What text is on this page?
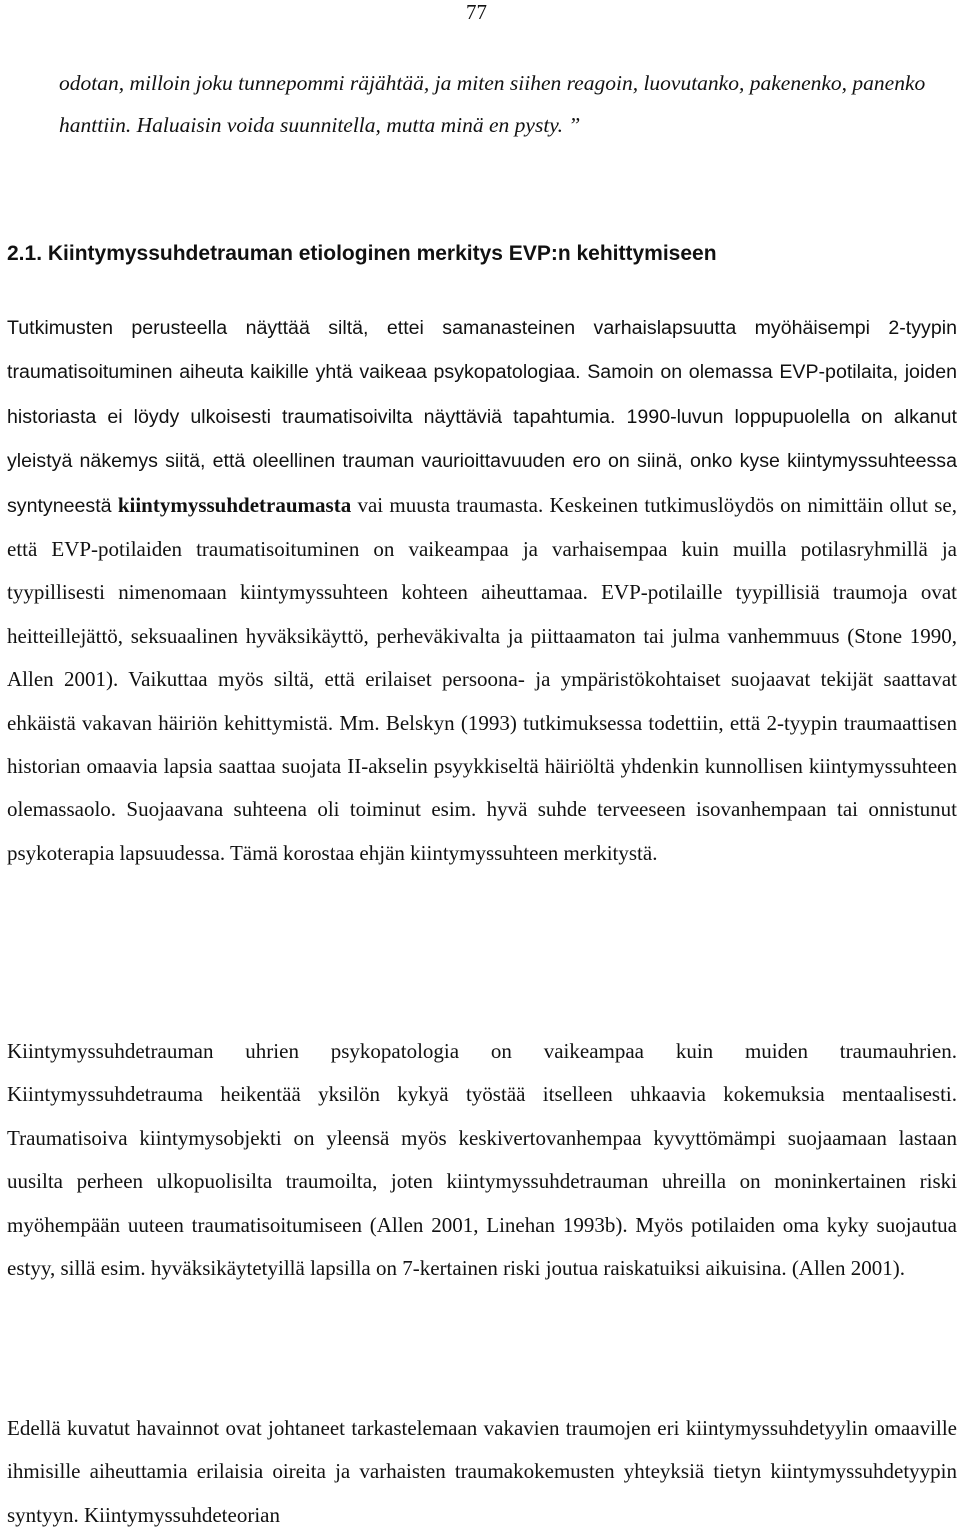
77

odotan, milloin joku tunnepommi räjähtää, ja miten siihen reagoin, luovutanko, pakenenko, panenko hanttiin. Haluaisin voida suunnitella, mutta minä en pysty. ”

2.1. Kiintymyssuhdetrauman etiologinen merkitys EVP:n kehittymiseen

Tutkimusten perusteella näyttää siltä, ettei samanasteinen varhaislapsuutta myöhäisempi 2-tyypin traumatisoituminen aiheuta kaikille yhtä vaikeaa psykopatologiaa. Samoin on olemassa EVP-potilaita, joiden historiasta ei löydy ulkoisesti traumatisoivilta näyttäviä tapahtumia. 1990-luvun loppupuolella on alkanut yleistyä näkemys siitä, että oleellinen trauman vaurioittavuuden ero on siinä, onko kyse kiintymyssuhteessa syntyneestä kiintymyssuhdetraumasta vai muusta traumasta. Keskeinen tutkimuslöydös on nimittäin ollut se, että EVP-potilaiden traumatisoituminen on vaikeampaa ja varhaisempaa kuin muilla potilasryhmillä ja tyypillisesti nimenomaan kiintymyssuhteen kohteen aiheuttamaa. EVP-potilaille tyypillisiä traumoja ovat heitteillejättö, seksuaalinen hyväksikäyttö, perheväkivalta ja piittaamaton tai julma vanhemmuus (Stone 1990, Allen 2001). Vaikuttaa myös siltä, että erilaiset persoona- ja ympäristökohtaiset suojaavat tekijät saattavat ehkäistä vakavan häiriön kehittymistä. Mm. Belskyn (1993) tutkimuksessa todettiin, että 2-tyypin traumaattisen historian omaavia lapsia saattaa suojata II-akselin psyykkiseltä häiriöltä yhdenkin kunnollisen kiintymyssuhteen olemassaolo. Suojaavana suhteena oli toiminut esim. hyvä suhde terveeseen isovanhempaan tai onnistunut psykoterapia lapsuudessa. Tämä korostaa ehjän kiintymyssuhteen merkitystä.

Kiintymyssuhdetrauman uhrien psykopatologia on vaikeampaa kuin muiden traumauhrien. Kiintymyssuhdetrauma heikentää yksilön kykyä työstää itselleen uhkaavia kokemuksia mentaalisesti. Traumatisoiva kiintymysobjekti on yleensä myös keskivertovanhempaa kyvyttömämpi suojaamaan lastaan uusilta perheen ulkopuolisilta traumoilta, joten kiintymyssuhdetrauman uhreilla on moninkertainen riski myöhempään uuteen traumatisoitumiseen (Allen 2001, Linehan 1993b). Myös potilaiden oma kyky suojautua estyy, sillä esim. hyväksikäytetyillä lapsilla on 7-kertainen riski joutua raiskatuiksi aikuisina. (Allen 2001).

Edellä kuvatut havainnot ovat johtaneet tarkastelemaan vakavien traumojen eri kiintymyssuhdetyylin omaaville ihmisille aiheuttamia erilaisia oireita ja varhaisten traumakokemusten yhteyksiä tietyn kiintymyssuhdetyypin syntyyn. Kiintymyssuhdeteorian
